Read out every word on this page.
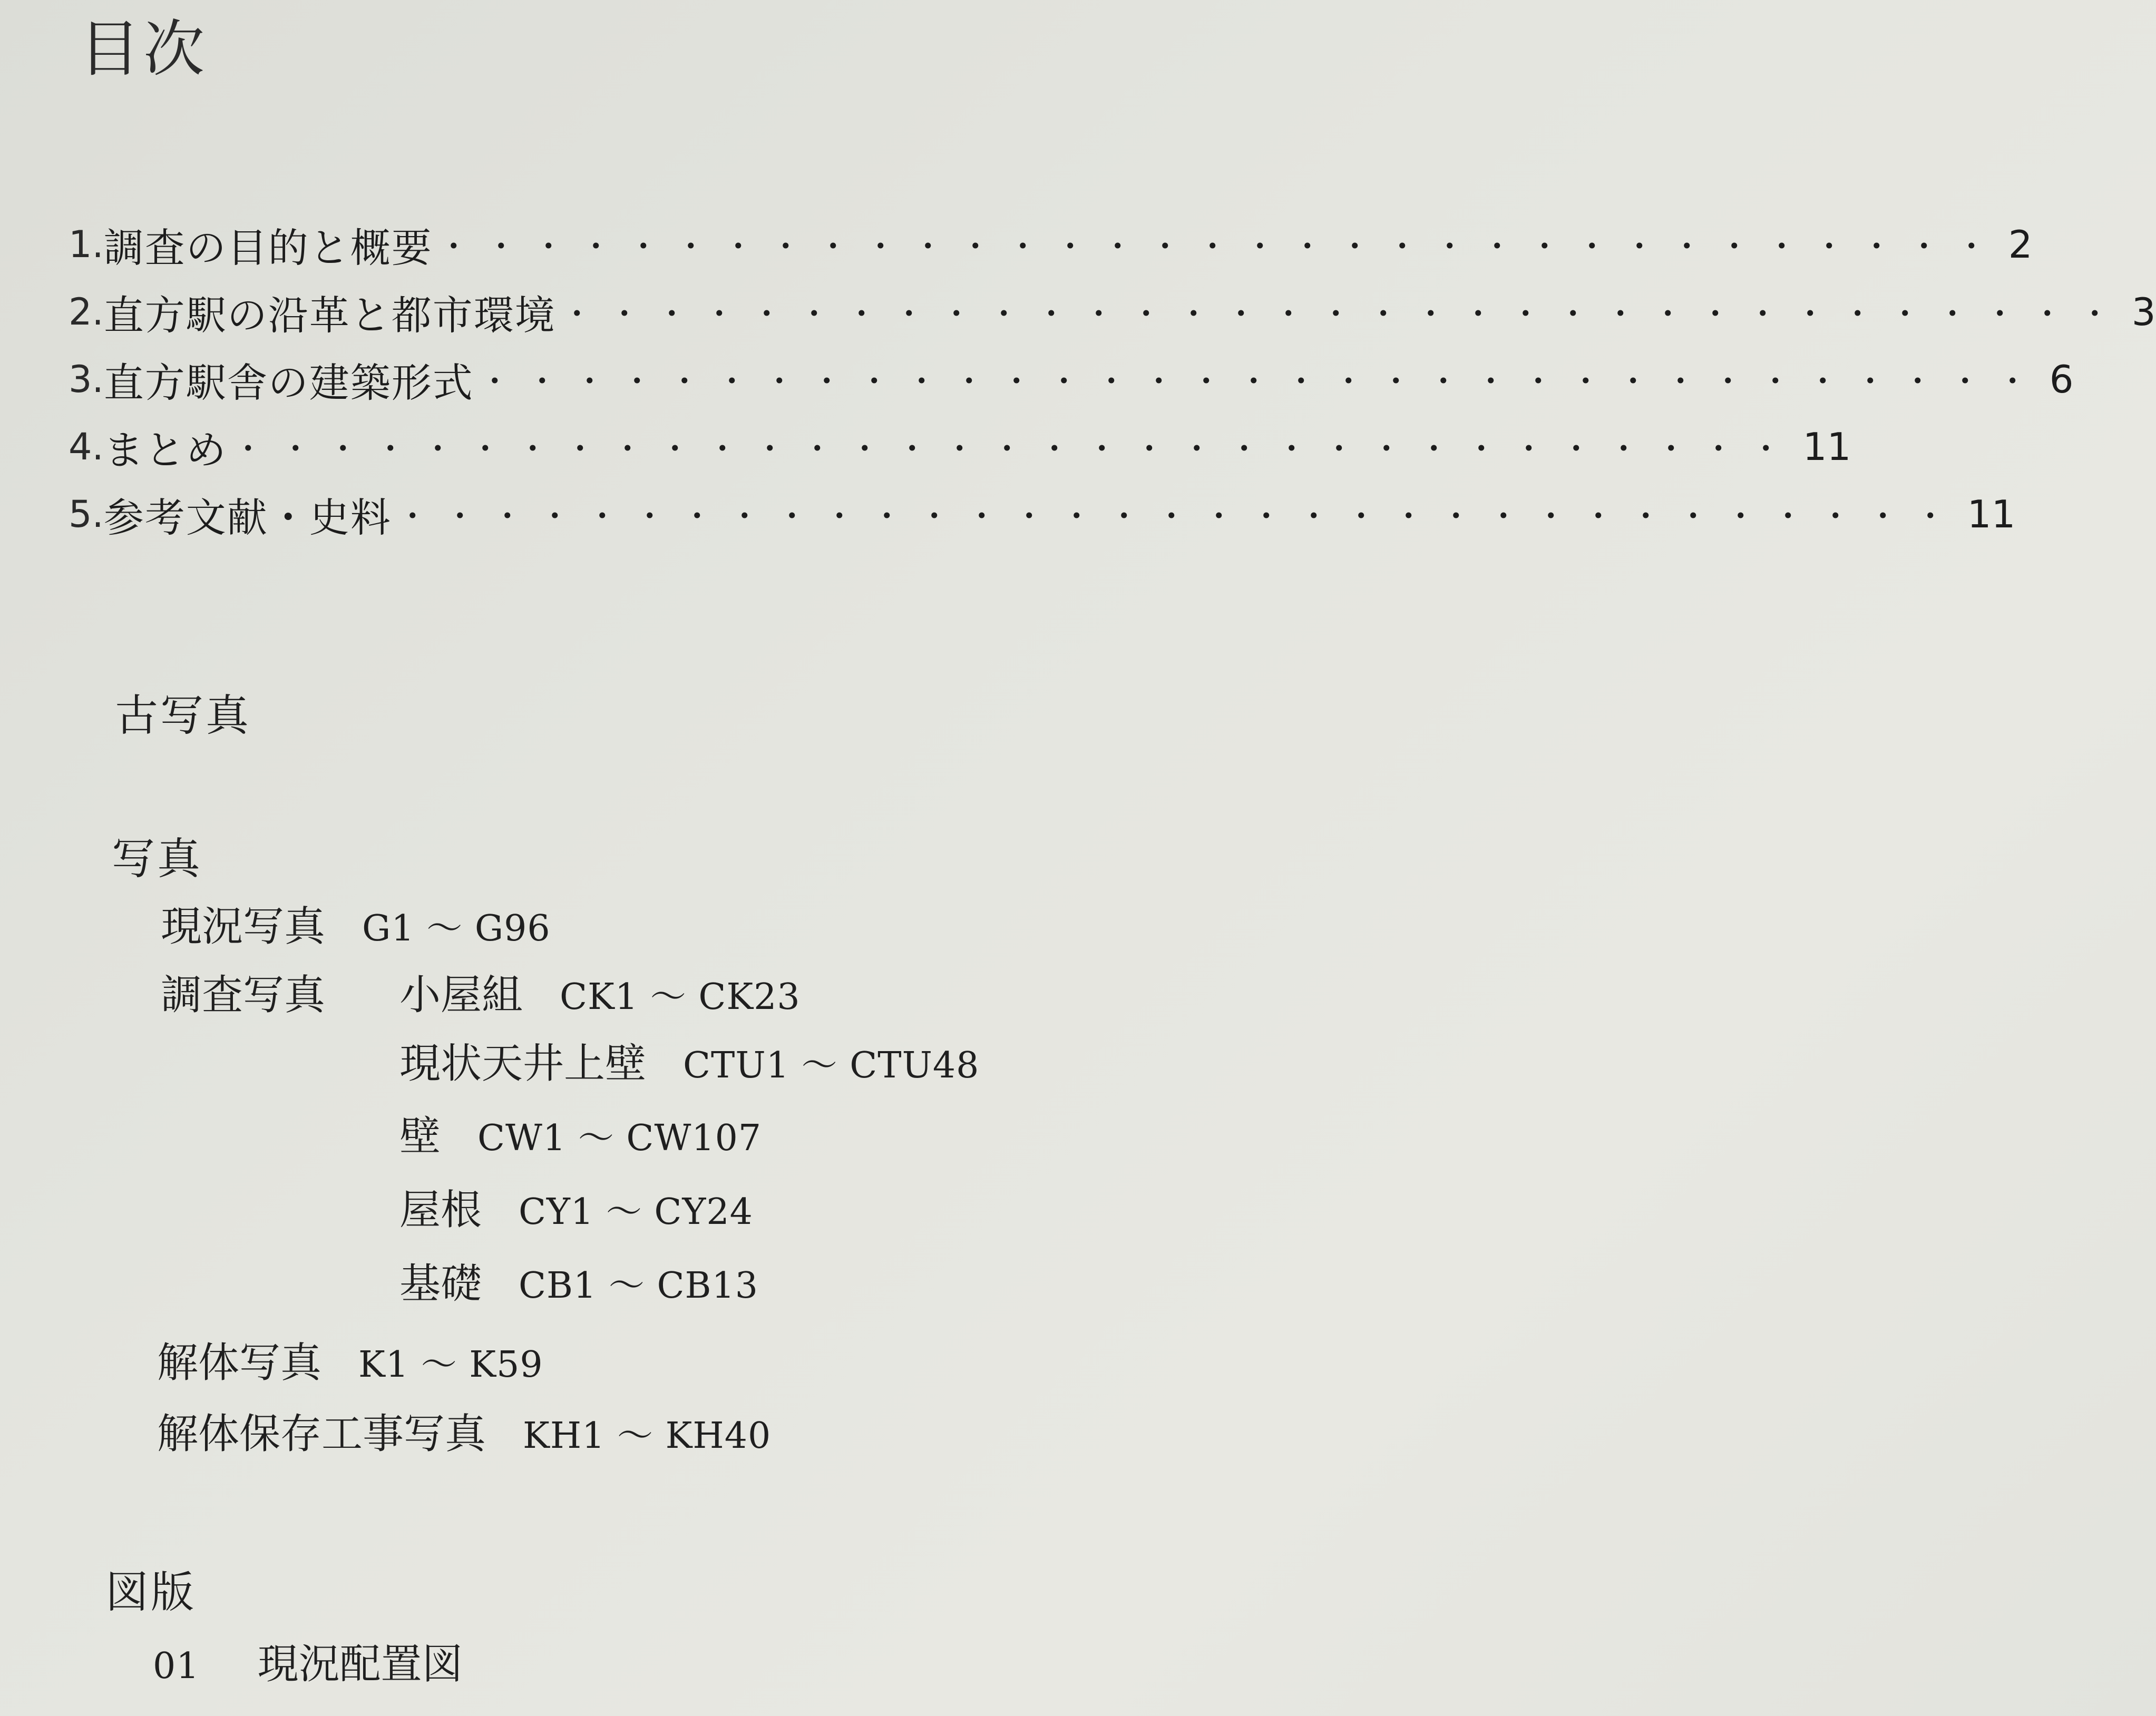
目次
1. 調査の目的と概要 ・・・・・・・・・・・・・・・・・・・・・・・・・・・・・・・・・ 2
2. 直方駅の沿革と都市環境 ・・・・・・・・・・・・・・・・・・・・・・・・・・・・・・・・・ 3
3. 直方駅舎の建築形式 ・・・・・・・・・・・・・・・・・・・・・・・・・・・・・・・・・ 6
4. まとめ ・・・・・・・・・・・・・・・・・・・・・・・・・・・・・・・・・ 11
5. 参考文献・史料 ・・・・・・・・・・・・・・・・・・・・・・・・・・・・・・・・・ 11
古写真
写真
現況写真 G1 ～ G96
調査写真 小屋組 CK1 ～ CK23
現状天井上壁 CTU1 ～ CTU48
壁 CW1 ～ CW107
屋根 CY1 ～ CY24
基礎 CB1 ～ CB13
解体写真 K1 ～ K59
解体保存工事写真 KH1 ～ KH40
図版
01 現況配置図
